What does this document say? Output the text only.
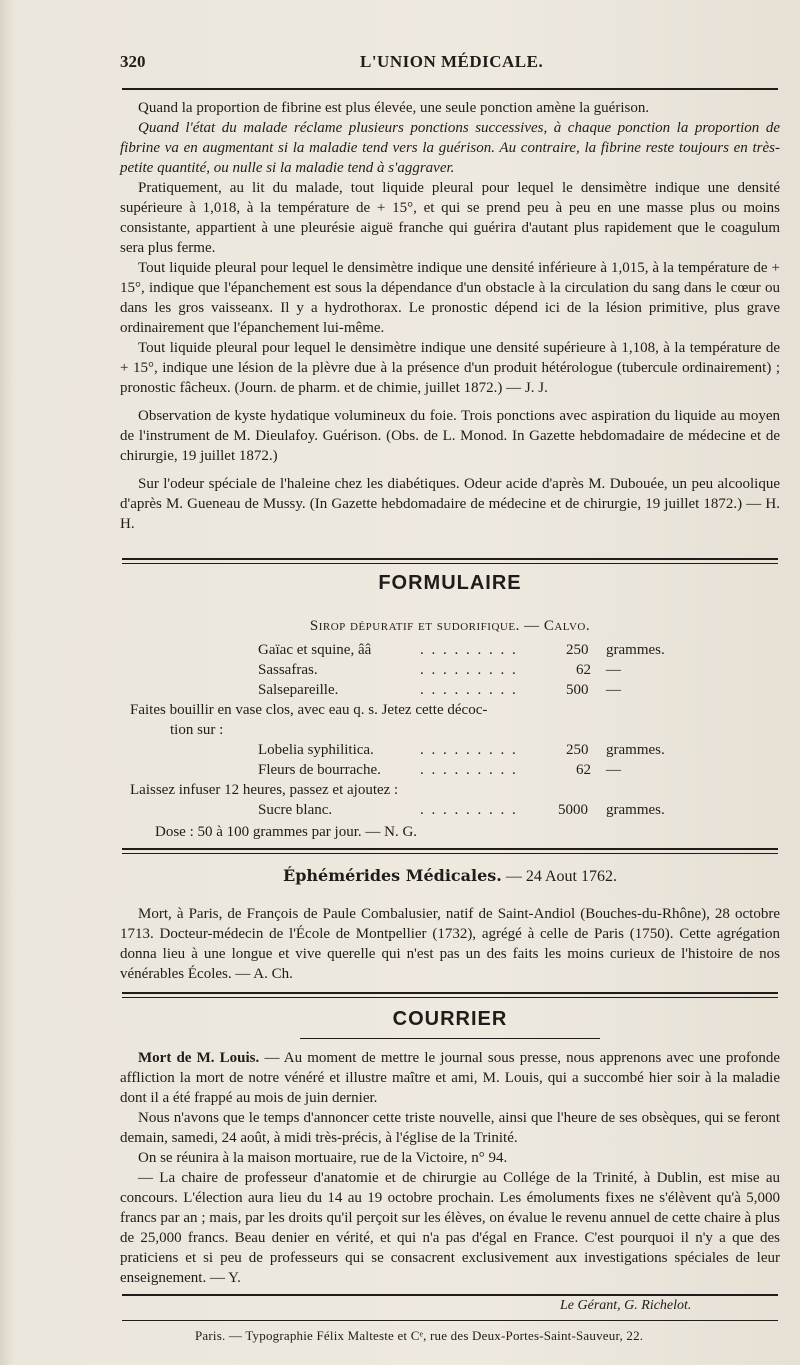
320	L'UNION MÉDICALE.

Quand la proportion de fibrine est plus élevée, une seule ponction amène la guérison.

Quand l'état du malade réclame plusieurs ponctions successives, à chaque ponction la proportion de fibrine va en augmentant si la maladie tend vers la guérison. Au contraire, la fibrine reste toujours en très-petite quantité, ou nulle si la maladie tend à s'aggraver.

Pratiquement, au lit du malade, tout liquide pleural pour lequel le densimètre indique une densité supérieure à 1,018, à la température de + 15°, et qui se prend peu à peu en une masse plus ou moins consistante, appartient à une pleurésie aiguë franche qui guérira d'autant plus rapidement que le coagulum sera plus ferme.

Tout liquide pleural pour lequel le densimètre indique une densité inférieure à 1,015, à la température de + 15°, indique que l'épanchement est sous la dépendance d'un obstacle à la circulation du sang dans le cœur ou dans les gros vaisseanx. Il y a hydrothorax. Le pronostic dépend ici de la lésion primitive, plus grave ordinairement que l'épanchement lui-même.

Tout liquide pleural pour lequel le densimètre indique une densité supérieure à 1,108, à la température de + 15°, indique une lésion de la plèvre due à la présence d'un produit hétérologue (tubercule ordinairement) ; pronostic fâcheux. (Journ. de pharm. et de chimie, juillet 1872.) — J. J.

Observation de kyste hydatique volumineux du foie. Trois ponctions avec aspiration du liquide au moyen de l'instrument de M. Dieulafoy. Guérison. (Obs. de L. Monod. In Gazette hebdomadaire de médecine et de chirurgie, 19 juillet 1872.)

Sur l'odeur spéciale de l'haleine chez les diabétiques. Odeur acide d'après M. Dubouée, un peu alcoolique d'après M. Gueneau de Mussy. (In Gazette hebdomadaire de médecine et de chirurgie, 19 juillet 1872.) — H. H.

FORMULAIRE
Sirop dépuratif et sudorifique. — Calvo.
Gaïac et squine, ââ	. . . . . . . . .	250 grammes.
Sassafras.	. . . . . . . . .	62 —
Salsepareille.	. . . . . . . . .	500 —
Lobelia syphilitica.	. . . . . . . . .	250 grammes.
Fleurs de bourrache.	. . . . . . . . .	62 —
Sucre blanc.	. . . . . . . . .	5000 grammes.
Faites bouillir en vase clos, avec eau q. s. Jetez cette décoc-
tion sur :
Laissez infuser 12 heures, passez et ajoutez :
Dose : 50 à 100 grammes par jour. — N. G.
Éphémérides Médicales. — 24 Aout 1762.

Mort, à Paris, de François de Paule Combalusier, natif de Saint-Andiol (Bouches-du-Rhône), 28 octobre 1713. Docteur-médecin de l'École de Montpellier (1732), agrégé à celle de Paris (1750). Cette agrégation donna lieu à une longue et vive querelle qui n'est pas un des faits les moins curieux de l'histoire de nos vénérables Écoles. — A. Ch.

COURRIER

Mort de M. Louis. — Au moment de mettre le journal sous presse, nous apprenons avec une profonde affliction la mort de notre vénéré et illustre maître et ami, M. Louis, qui a succombé hier soir à la maladie dont il a été frappé au mois de juin dernier.

Nous n'avons que le temps d'annoncer cette triste nouvelle, ainsi que l'heure de ses obsèques, qui se feront demain, samedi, 24 août, à midi très-précis, à l'église de la Trinité.

On se réunira à la maison mortuaire, rue de la Victoire, n° 94.

— La chaire de professeur d'anatomie et de chirurgie au Collége de la Trinité, à Dublin, est mise au concours. L'élection aura lieu du 14 au 19 octobre prochain. Les émoluments fixes ne s'élèvent qu'à 5,000 francs par an ; mais, par les droits qu'il perçoit sur les élèves, on évalue le revenu annuel de cette chaire à plus de 25,000 francs. Beau denier en vérité, et qui n'a pas d'égal en France. C'est pourquoi il n'y a que des praticiens et si peu de professeurs qui se consacrent exclusivement aux investigations spéciales de leur enseignement. — Y.

Le Gérant, G. Richelot.
Paris. — Typographie Félix Malteste et Cᵉ, rue des Deux-Portes-Saint-Sauveur, 22.
